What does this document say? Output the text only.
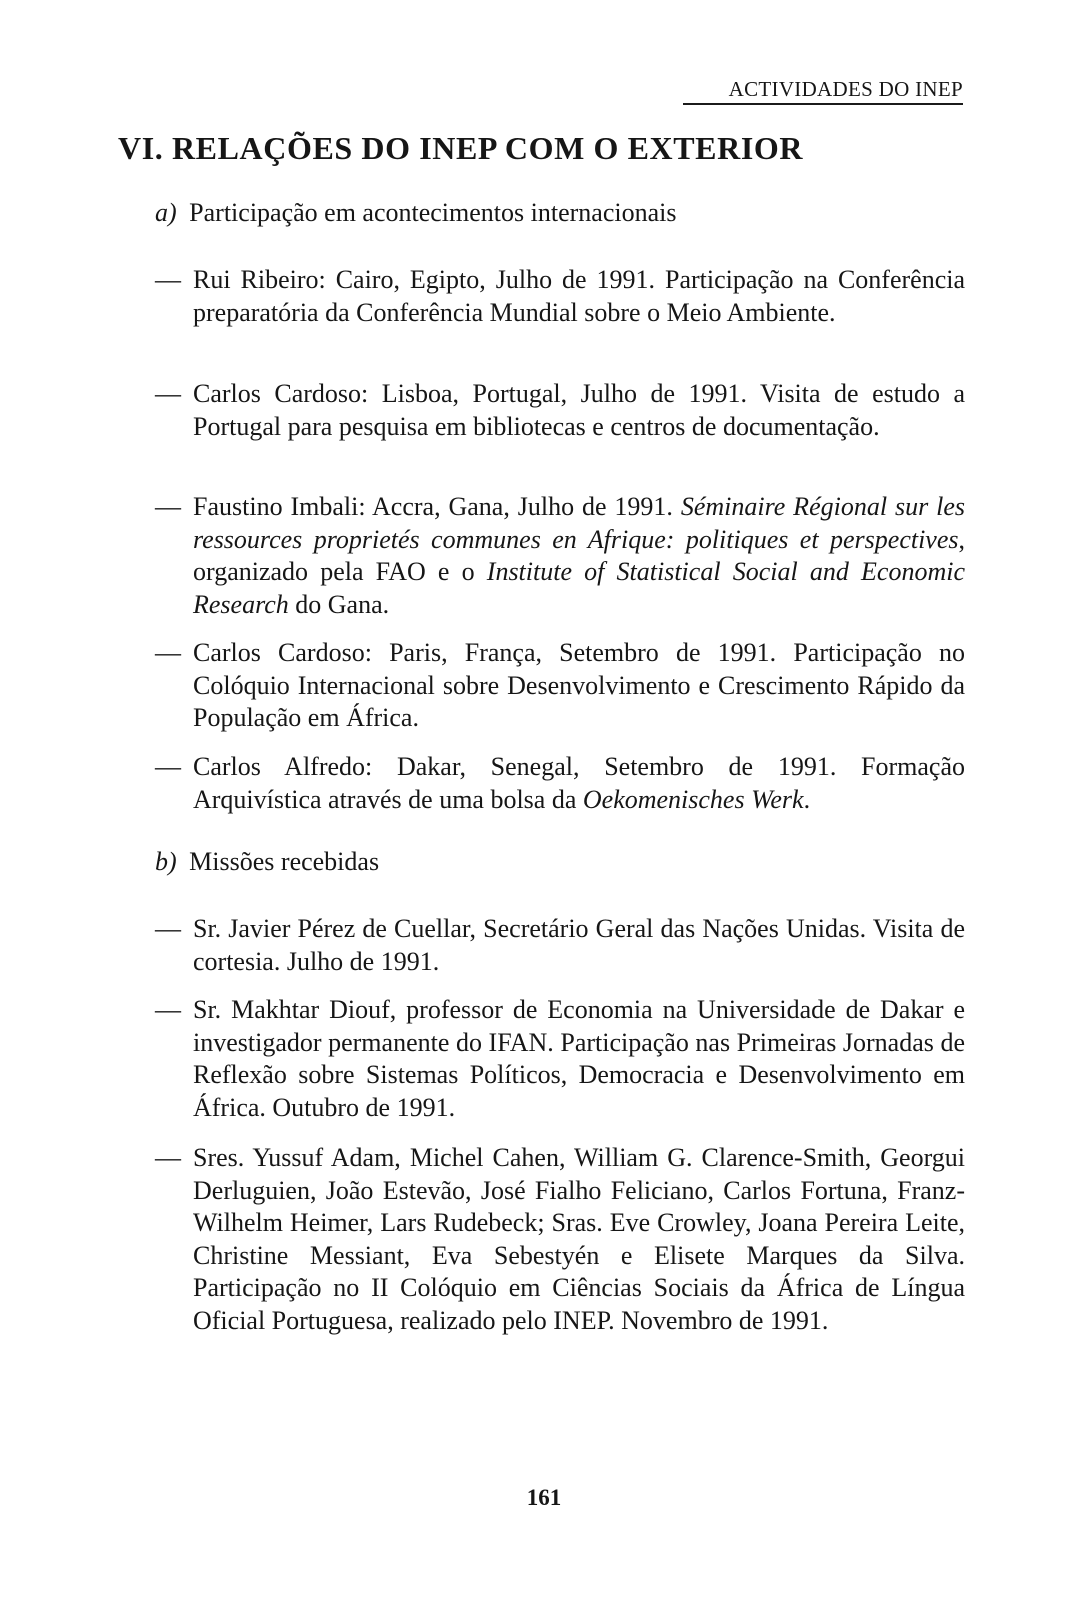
ACTIVIDADES DO INEP
VI. RELAÇÕES DO INEP COM O EXTERIOR
a) Participação em acontecimentos internacionais
— Rui Ribeiro: Cairo, Egipto, Julho de 1991. Participação na Conferência preparatória da Conferência Mundial sobre o Meio Ambiente.
— Carlos Cardoso: Lisboa, Portugal, Julho de 1991. Visita de estudo a Portugal para pesquisa em bibliotecas e centros de documentação.
— Faustino Imbali: Accra, Gana, Julho de 1991. Séminaire Régional sur les ressources proprietés communes en Afrique: politiques et perspectives, organizado pela FAO e o Institute of Statistical Social and Economic Research do Gana.
— Carlos Cardoso: Paris, França, Setembro de 1991. Participação no Colóquio Internacional sobre Desenvolvimento e Crescimento Rápido da População em África.
— Carlos Alfredo: Dakar, Senegal, Setembro de 1991. Formação Arquivística através de uma bolsa da Oekomenisches Werk.
b) Missões recebidas
— Sr. Javier Pérez de Cuellar, Secretário Geral das Nações Unidas. Visita de cortesia. Julho de 1991.
— Sr. Makhtar Diouf, professor de Economia na Universidade de Dakar e investigador permanente do IFAN. Participação nas Primeiras Jornadas de Reflexão sobre Sistemas Políticos, Democracia e Desenvolvimento em África. Outubro de 1991.
— Sres. Yussuf Adam, Michel Cahen, William G. Clarence-Smith, Georgui Derluguien, João Estevão, José Fialho Feliciano, Carlos Fortuna, Franz-Wilhelm Heimer, Lars Rudebeck; Sras. Eve Crowley, Joana Pereira Leite, Christine Messiant, Eva Sebestyén e Elisete Marques da Silva. Participação no II Colóquio em Ciências Sociais da África de Língua Oficial Portuguesa, realizado pelo INEP. Novembro de 1991.
161
